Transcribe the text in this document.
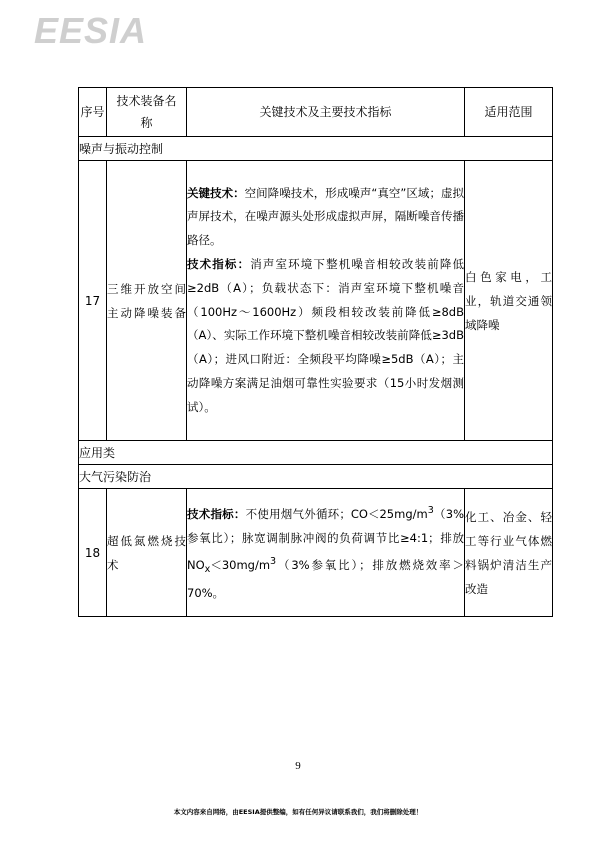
EESIA
序号	技术装备名称	关键技术及主要技术指标	适用范围
噪声与振动控制			
17	三维开放空间主动降噪装备	关键技术：空间降噪技术，形成噪声“真空”区域；虚拟声屏技术，在噪声源头处形成虚拟声屏，隔断噪音传播路径。

技术指标：消声室环境下整机噪音相较改装前降低≥2dB（A）；负载状态下：消声室环境下整机噪音（100Hz～1600Hz）频段相较改装前降低≥8dB（A）、实际工作环境下整机噪音相较改装前降低≥3dB（A）；进风口附近：全频段平均降噪≥5dB（A）；主动降噪方案满足油烟可靠性实验要求（15小时发烟测试）。	白色家电，工业，轨道交通领域降噪
应用类			
大气污染防治			
18	超低氮燃烧技术	技术指标：不使用烟气外循环；$CO<25mg/m^3(3\%$参氧比）；脉宽调制脉冲阀的负荷调节比≥4:1；排放$NO_x<30mg/m^3(3\%$参氧比）；排放燃烧效率＞70%。	化工、冶金、轻工等行业气体燃料锅炉清洁生产改造
9
本文内容来自网络，由EESIA提供整编，如有任何异议请联系我们，我们将删除处理！
